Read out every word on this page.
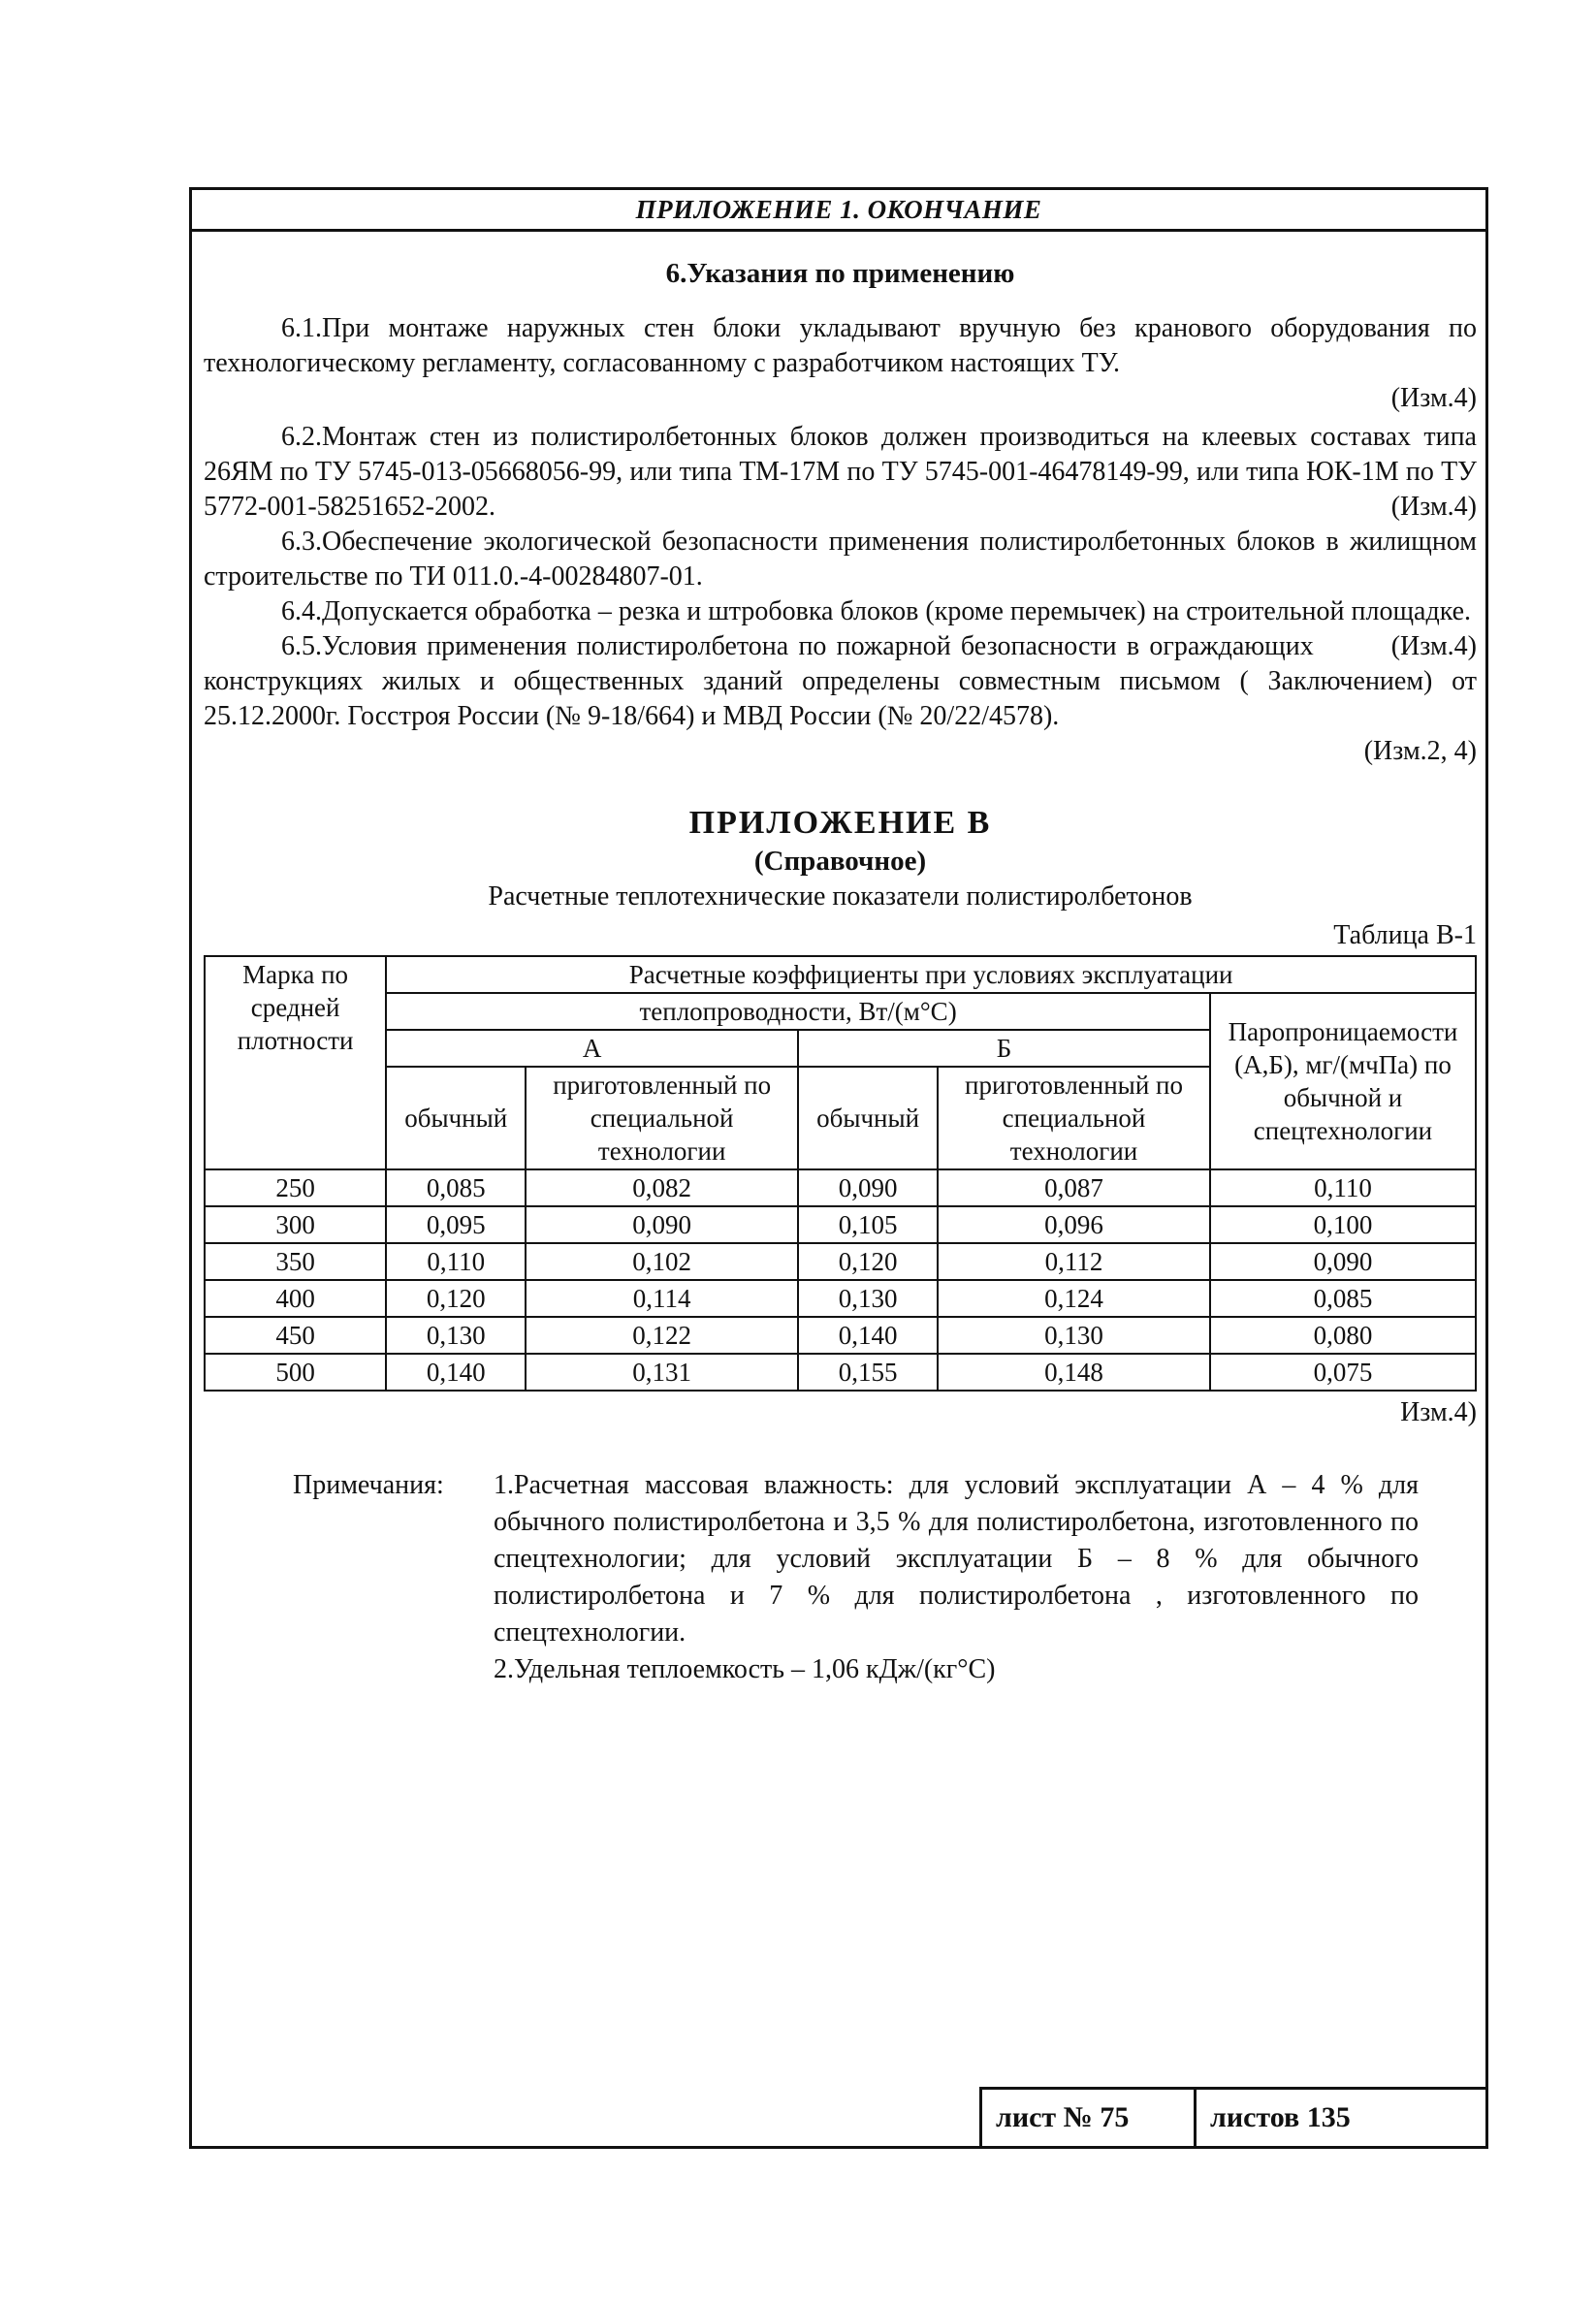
ПРИЛОЖЕНИЕ 1. ОКОНЧАНИЕ

6.Указания по применению

6.1.При монтаже наружных стен блоки укладывают вручную без кранового оборудования по технологическому регламенту, согласованному с разработчиком настоящих ТУ.

(Изм.4)

6.2.Монтаж стен из полистиролбетонных блоков должен производиться на клеевых составах типа 26ЯМ по ТУ 5745-013-05668056-99, или типа ТМ-17М по ТУ 5745-001-46478149-99, или типа ЮК-1М по ТУ 5772-001-58251652-2002.	(Изм.4)

6.3.Обеспечение экологической безопасности применения полистиролбетонных блоков в жилищном строительстве по ТИ 011.0.-4-00284807-01.

6.4.Допускается обработка – резка и штробовка блоков (кроме перемычек) на строительной площадке.
(Изм.4)

6.5.Условия применения полистиролбетона по пожарной безопасности в ограждающих конструкциях жилых и общественных зданий определены совместным письмом ( Заключением) от 25.12.2000г. Госстроя России (№ 9-18/664) и МВД России (№ 20/22/4578).

(Изм.2, 4)

ПРИЛОЖЕНИЕ В

(Справочное)

Расчетные теплотехнические показатели полистиролбетонов

Таблица В-1

Марка по средней плотности	Расчетные коэффициенты при условиях эксплуатации				
	теплопроводности, Вт/(м°С)				Паропроницаемости (А,Б), мг/(мчПа) по обычной и спецтехнологии
	А		Б		
	обычный	приготовленный по специальной технологии	обычный	приготовленный по специальной технологии	
250	0,085	0,082	0,090	0,087	0,110
300	0,095	0,090	0,105	0,096	0,100
350	0,110	0,102	0,120	0,112	0,090
400	0,120	0,114	0,130	0,124	0,085
450	0,130	0,122	0,140	0,130	0,080
500	0,140	0,131	0,155	0,148	0,075

Изм.4)

Примечания:	1.Расчетная массовая влажность: для условий эксплуатации А – 4 % для обычного полистиролбетона и 3,5 % для полистиролбетона, изготовленного по спецтехнологии; для условий эксплуатации Б – 8 % для обычного полистиролбетона и 7 % для полистиролбетона , изготовленного по спецтехнологии.
2.Удельная теплоемкость – 1,06 кДж/(кг°С)
лист № 75	листов 135
